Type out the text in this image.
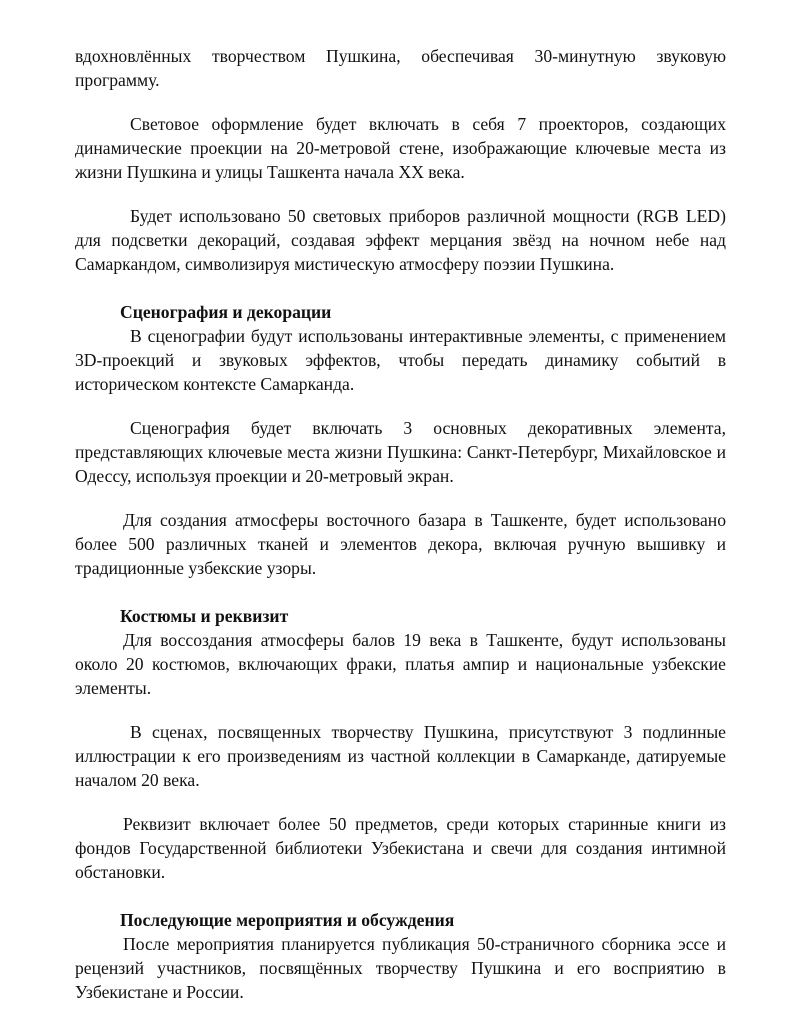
вдохновлённых творчеством Пушкина, обеспечивая 30-минутную звуковую программу.

Световое оформление будет включать в себя 7 проекторов, создающих динамические проекции на 20-метровой стене, изображающие ключевые места из жизни Пушкина и улицы Ташкента начала XX века.

Будет использовано 50 световых приборов различной мощности (RGB LED) для подсветки декораций, создавая эффект мерцания звёзд на ночном небе над Самаркандом, символизируя мистическую атмосферу поэзии Пушкина.

Сценография и декорации

В сценографии будут использованы интерактивные элементы, с применением 3D-проекций и звуковых эффектов, чтобы передать динамику событий в историческом контексте Самарканда.

Сценография будет включать 3 основных декоративных элемента, представляющих ключевые места жизни Пушкина: Санкт-Петербург, Михайловское и Одессу, используя проекции и 20-метровый экран.

Для создания атмосферы восточного базара в Ташкенте, будет использовано более 500 различных тканей и элементов декора, включая ручную вышивку и традиционные узбекские узоры.

Костюмы и реквизит

Для воссоздания атмосферы балов 19 века в Ташкенте, будут использованы около 20 костюмов, включающих фраки, платья ампир и национальные узбекские элементы.

В сценах, посвященных творчеству Пушкина, присутствуют 3 подлинные иллюстрации к его произведениям из частной коллекции в Самарканде, датируемые началом 20 века.

Реквизит включает более 50 предметов, среди которых старинные книги из фондов Государственной библиотеки Узбекистана и свечи для создания интимной обстановки.

Последующие мероприятия и обсуждения

После мероприятия планируется публикация 50-страничного сборника эссе и рецензий участников, посвящённых творчеству Пушкина и его восприятию в Узбекистане и России.
